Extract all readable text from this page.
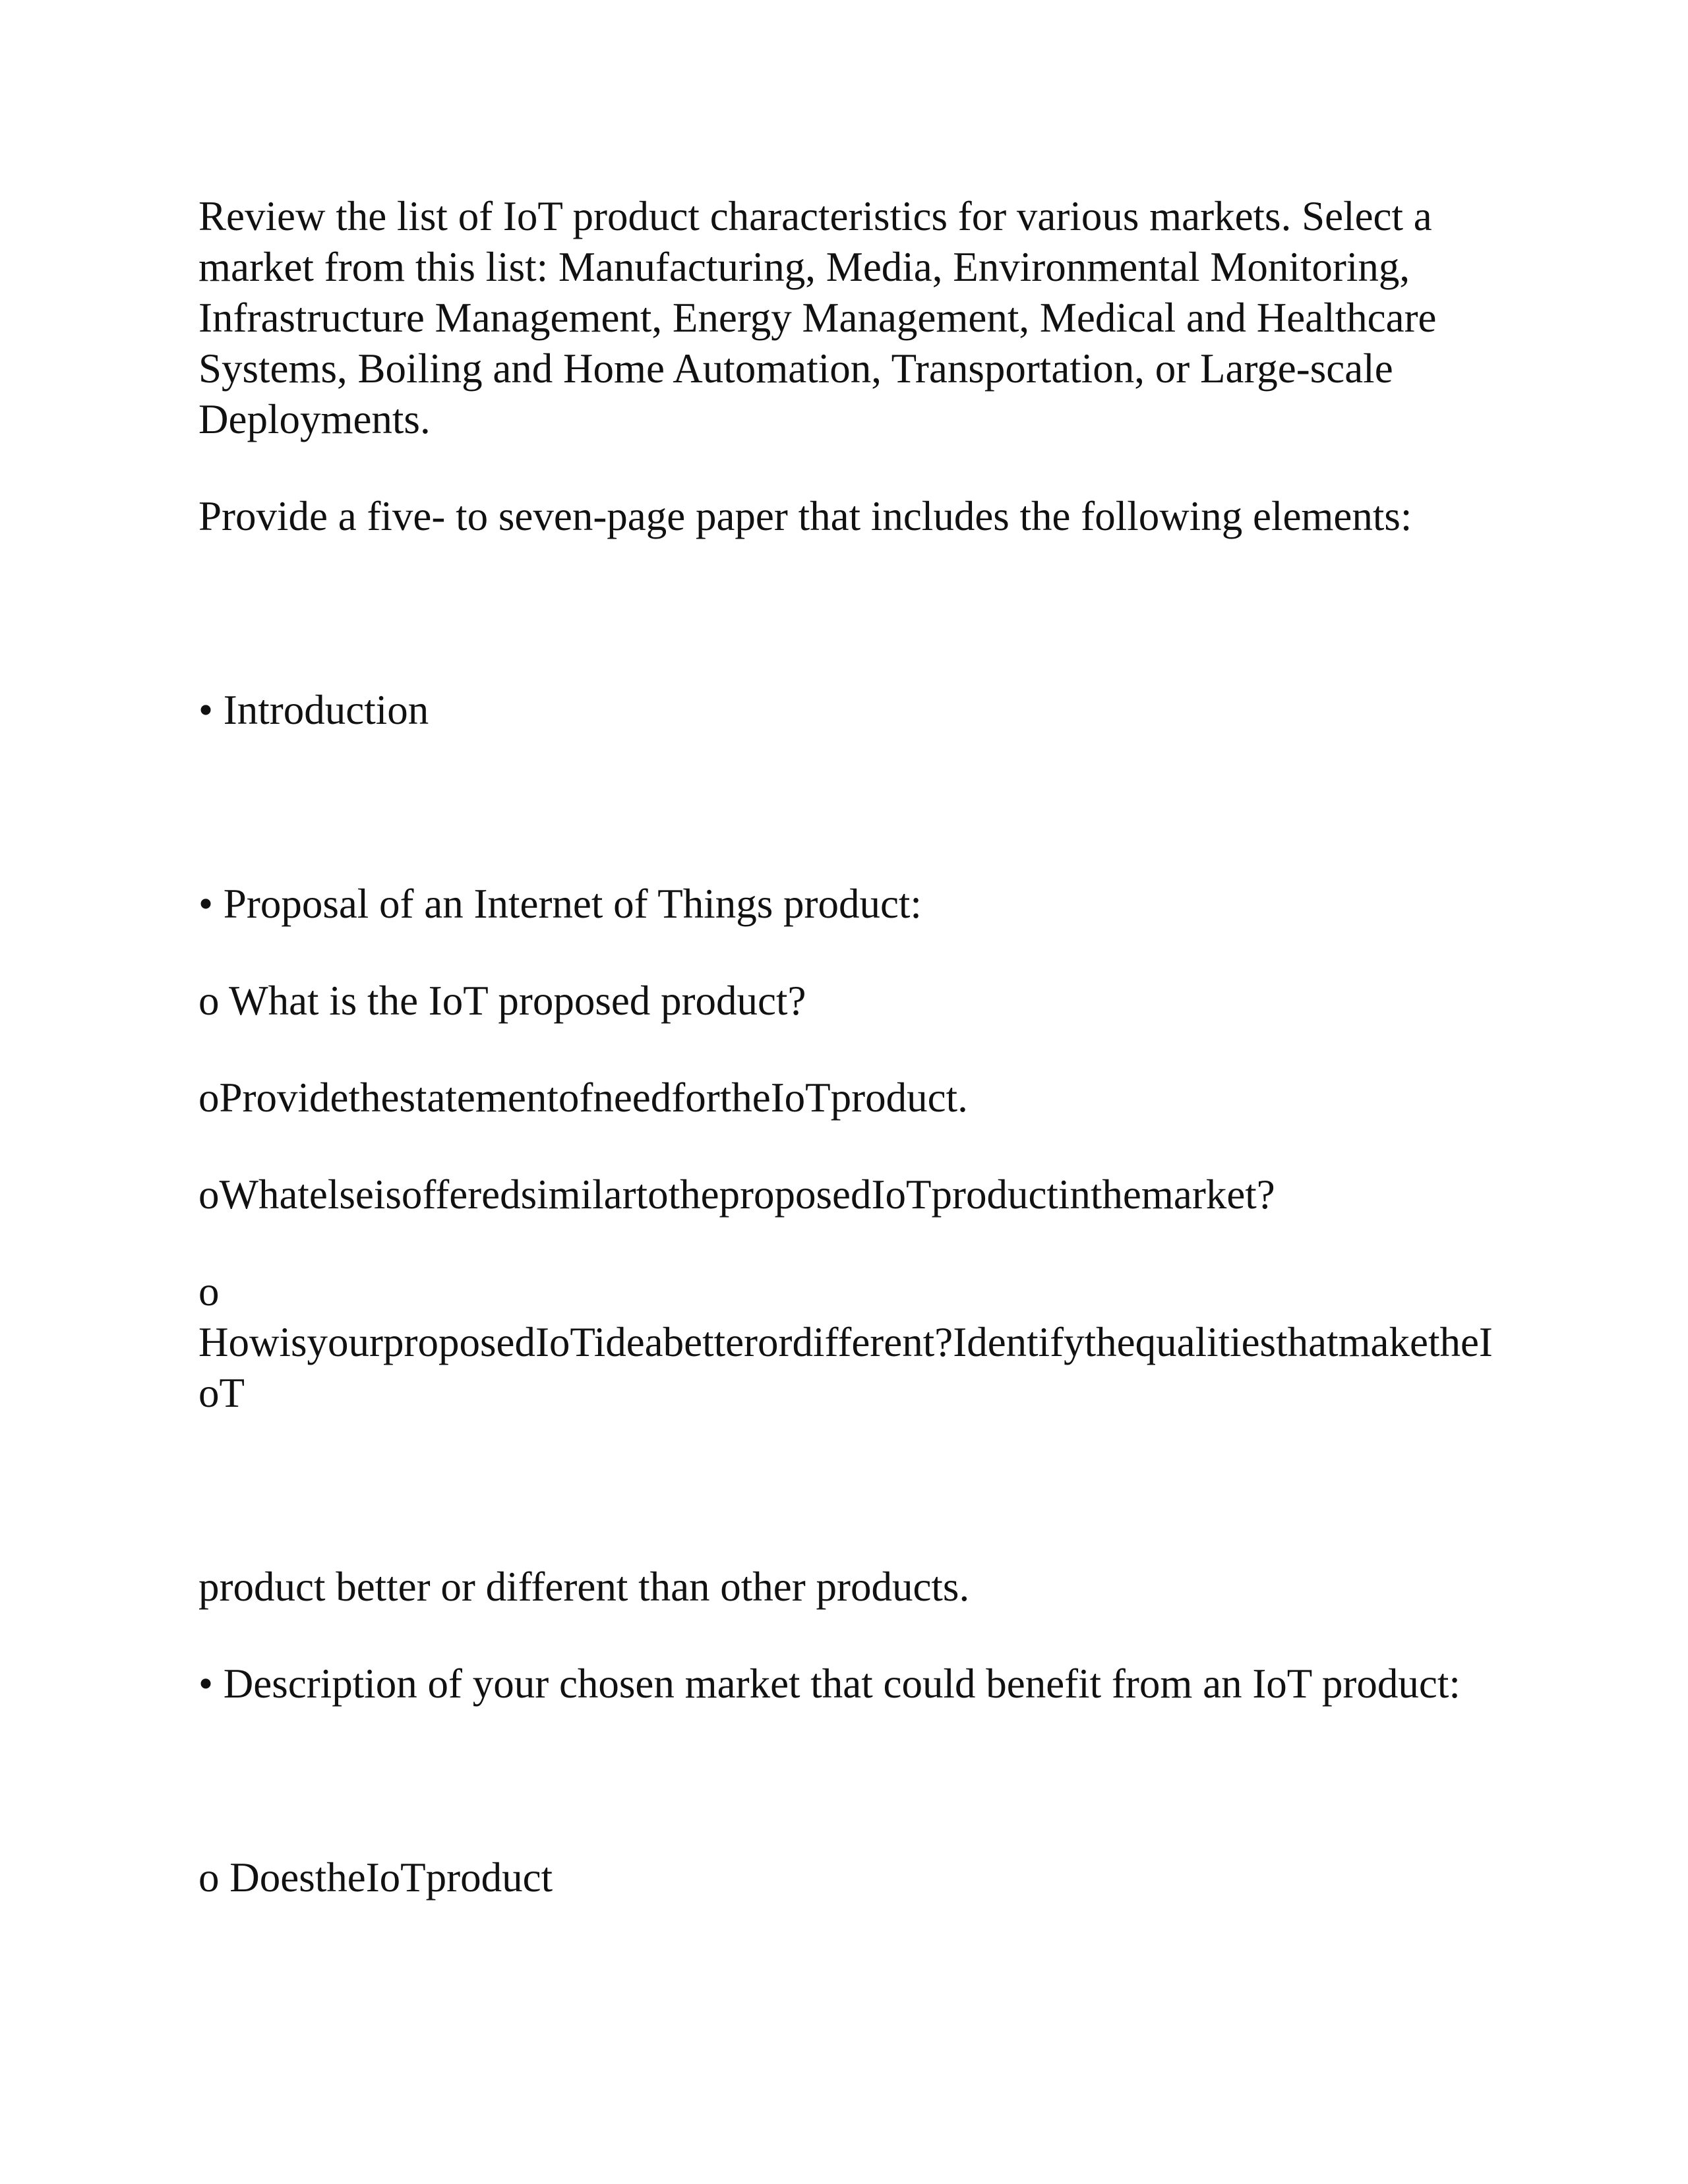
Review the list of IoT product characteristics for various markets. Select a market from this list: Manufacturing, Media, Environmental Monitoring, Infrastructure Management, Energy Management, Medical and Healthcare Systems, Boiling and Home Automation, Transportation, or Large-scale Deployments.

Provide a five- to seven-page paper that includes the following elements:

• Introduction

• Proposal of an Internet of Things product:

o What is the IoT proposed product?

oProvidethestatementofneedfortheIoTproduct.

oWhatelseisofferedsimilartotheproposedIoTproductinthemarket?

o

HowisyourproposedIoTideabetterordifferent?IdentifythequalitiesthatmaketheIoT

product better or different than other products.

• Description of your chosen market that could benefit from an IoT product:

o DoestheIoTproduct
